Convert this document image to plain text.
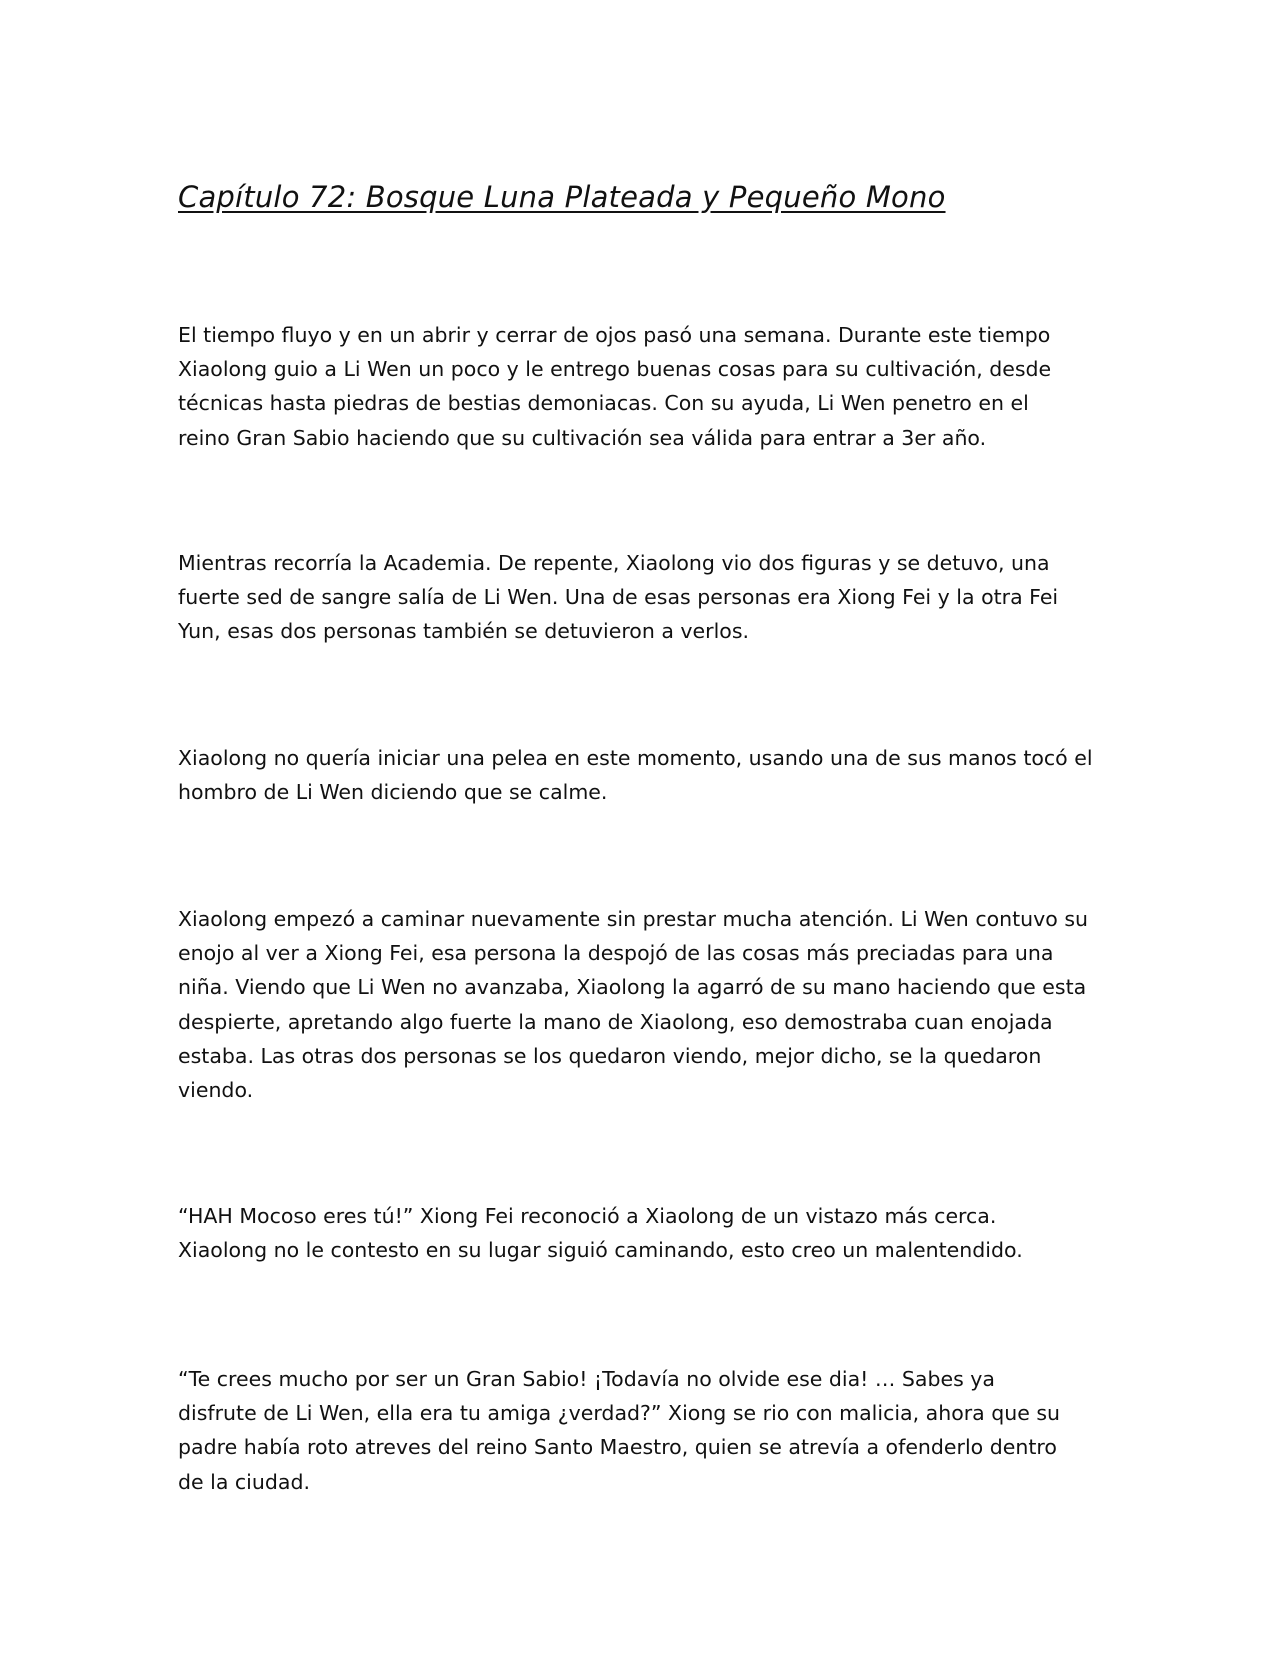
Capítulo 72: Bosque Luna Plateada y Pequeño Mono

El tiempo fluyo y en un abrir y cerrar de ojos pasó una semana. Durante este tiempo
Xiaolong guio a Li Wen un poco y le entrego buenas cosas para su cultivación, desde
técnicas hasta piedras de bestias demoniacas. Con su ayuda, Li Wen penetro en el
reino Gran Sabio haciendo que su cultivación sea válida para entrar a 3er año.

Mientras recorría la Academia. De repente, Xiaolong vio dos figuras y se detuvo, una
fuerte sed de sangre salía de Li Wen. Una de esas personas era Xiong Fei y la otra Fei
Yun, esas dos personas también se detuvieron a verlos.

Xiaolong no quería iniciar una pelea en este momento, usando una de sus manos tocó el
hombro de Li Wen diciendo que se calme.

Xiaolong empezó a caminar nuevamente sin prestar mucha atención. Li Wen contuvo su
enojo al ver a Xiong Fei, esa persona la despojó de las cosas más preciadas para una
niña. Viendo que Li Wen no avanzaba, Xiaolong la agarró de su mano haciendo que esta
despierte, apretando algo fuerte la mano de Xiaolong, eso demostraba cuan enojada
estaba. Las otras dos personas se los quedaron viendo, mejor dicho, se la quedaron
viendo.

“HAH Mocoso eres tú!” Xiong Fei reconoció a Xiaolong de un vistazo más cerca.
Xiaolong no le contesto en su lugar siguió caminando, esto creo un malentendido.

“Te crees mucho por ser un Gran Sabio! ¡Todavía no olvide ese dia! … Sabes ya
disfrute de Li Wen, ella era tu amiga ¿verdad?” Xiong se rio con malicia, ahora que su
padre había roto atreves del reino Santo Maestro, quien se atrevía a ofenderlo dentro
de la ciudad.
